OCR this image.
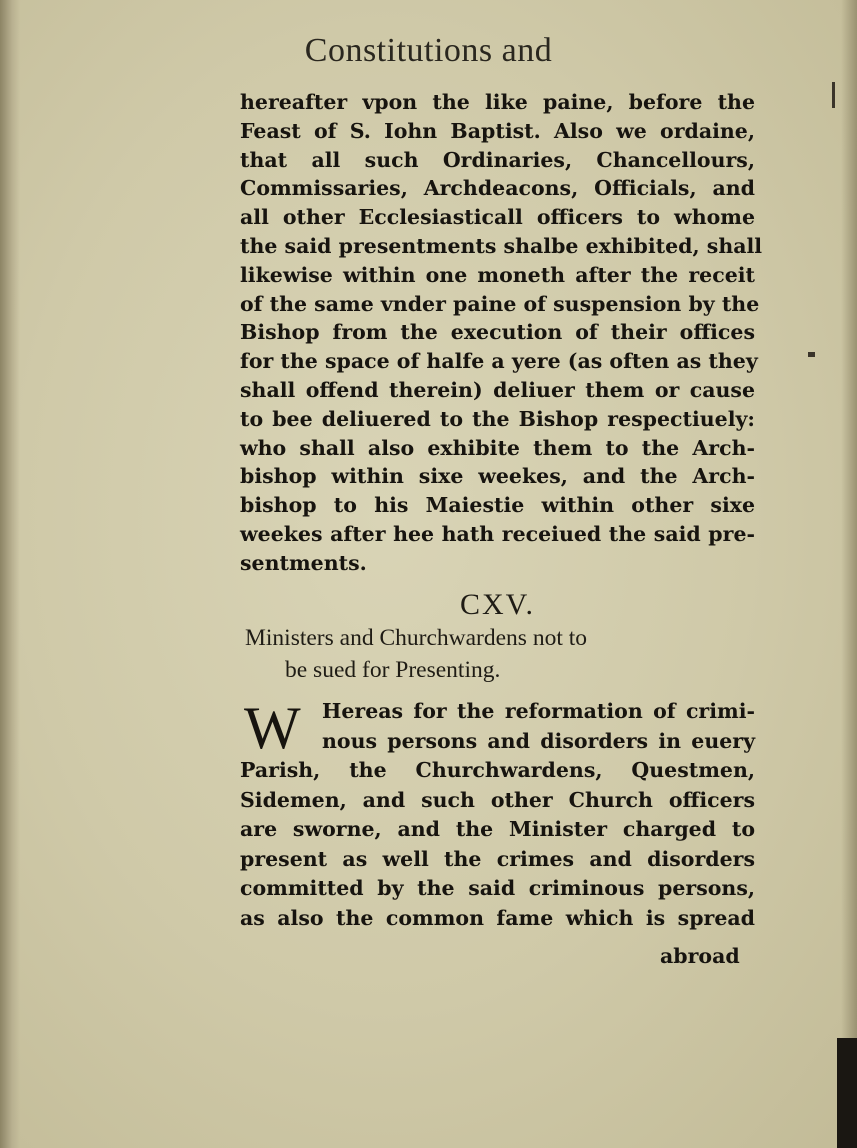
Constitutions and
hereafter vpon the like paine, before the
Feast of S. Iohn Baptist. Also we ordaine,
that all such Ordinaries, Chancellours,
Commissaries, Archdeacons, Officials, and
all other Ecclesiasticall officers to whome
the said presentments shalbe exhibited, shall
likewise within one moneth after the receit
of the same vnder paine of suspension by the
Bishop from the execution of their offices
for the space of halfe a yere (as often as they
shall offend therein) deliuer them or cause
to bee deliuered to the Bishop respectiuely:
who shall also exhibite them to the Arch-
bishop within sixe weekes, and the Arch-
bishop to his Maiestie within other sixe
weekes after hee hath receiued the said pre-
sentments.
CXV.
Ministers and Churchwardens not to
be sued for Presenting.
W	Hereas for the reformation of crimi-
nous persons and disorders in euery
Parish, the Churchwardens, Questmen,
Sidemen, and such other Church officers
are sworne, and the Minister charged to
present as well the crimes and disorders
committed by the said criminous persons,
as also the common fame which is spread
abroad
